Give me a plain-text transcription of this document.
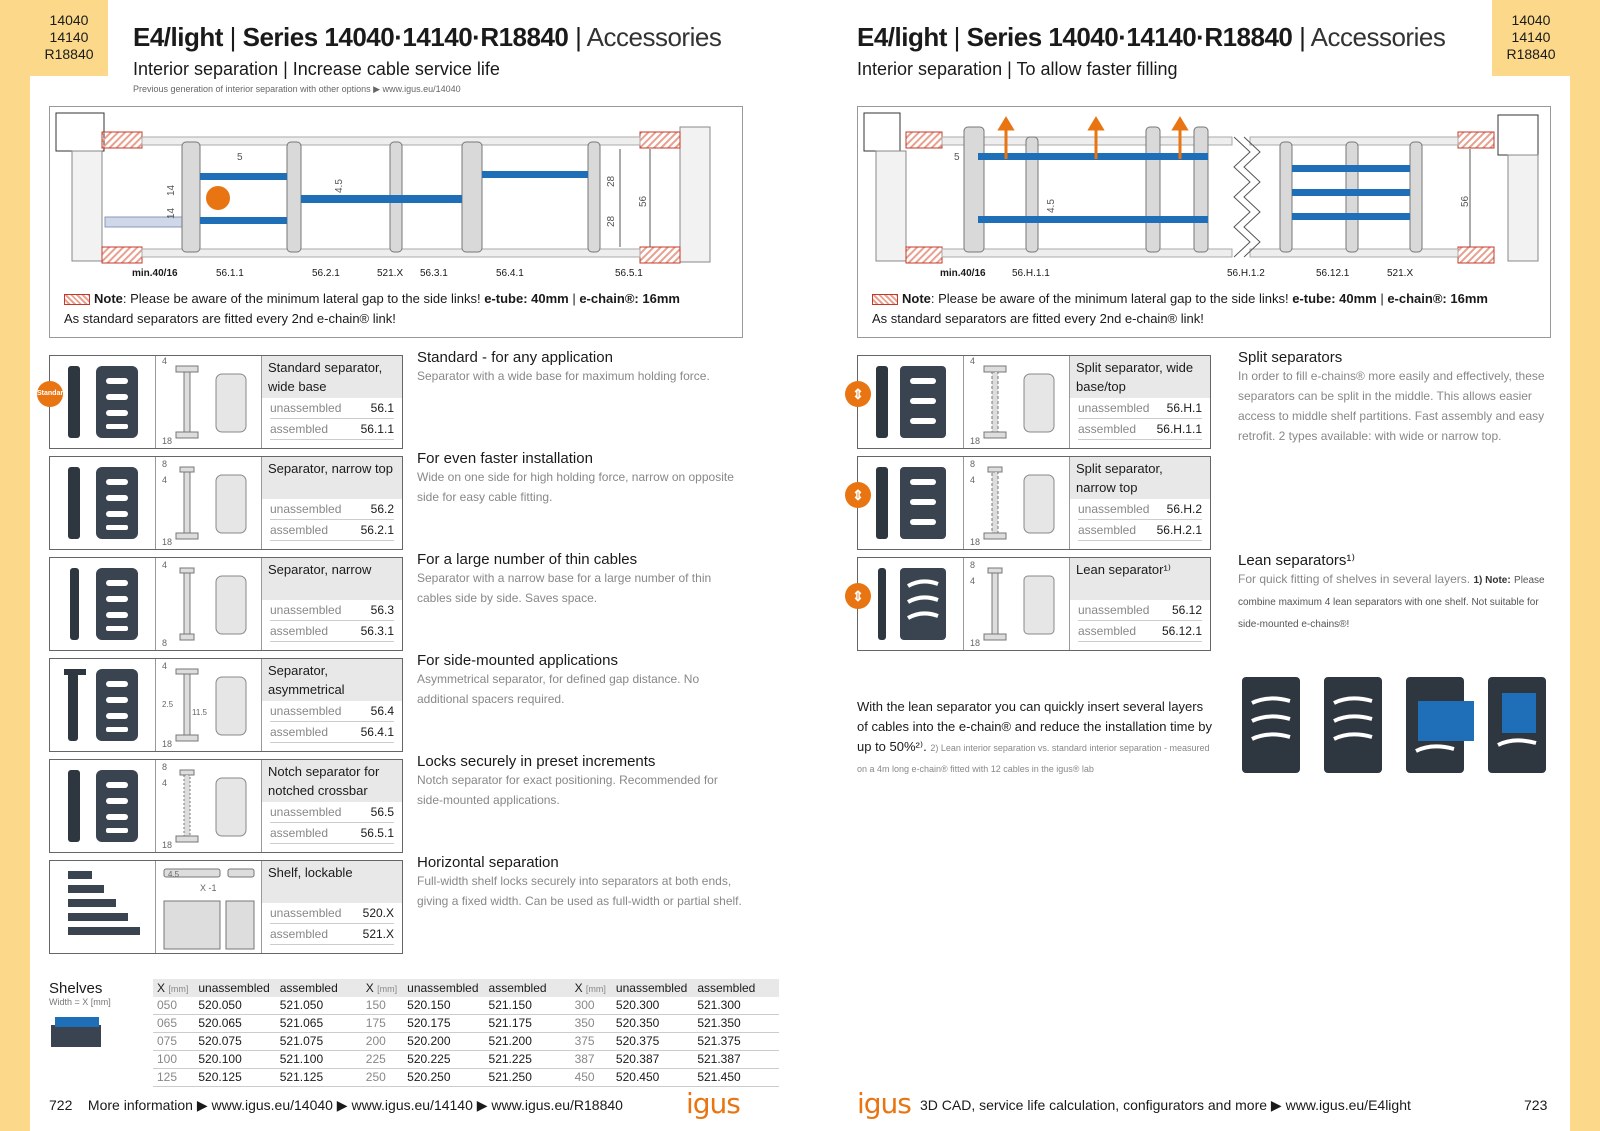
14040
14140
R18840
14040
14140
R18840
E4/light | Series 14040·14140·R18840 | Accessories
Interior separation | Increase cable service life
Previous generation of interior separation with other options ▶ www.igus.eu/14040
5
14
14
4.5	28
28
56
min.40/16	56.1.1	56.2.1	521.X 56.3.1	56.4.1	56.5.1
Note: Please be aware of the minimum lateral gap to the side links! e-tube: 40mm | e-chain®: 16mm
As standard separators are fitted every 2nd e-chain® link!
4
18
Standard separator, wide base
unassembled 56.1
assembled	56.1.1
Standard - for any application
Separator with a wide base for maximum holding force.
Standard
8
4
18
Separator, narrow top
unassembled 56.2
assembled	56.2.1
For even faster installation
Wide on one side for high holding force, narrow on opposite side for easy cable fitting.
4
8
Separator, narrow
unassembled 56.3
assembled	56.3.1
For a large number of thin cables
Separator with a narrow base for a large number of thin cables side by side. Saves space.
4
2.5
11.5
18
Separator, asymmetrical
unassembled 56.4
assembled	56.4.1
For side-mounted applications
Asymmetrical separator, for defined gap distance. No additional spacers required.
8
4
18
Notch separator for notched crossbar
unassembled 56.5
assembled	56.5.1
Locks securely in preset increments
Notch separator for exact positioning. Recommended for side-mounted applications.
4.5
X -1
Shelf, lockable
unassembled 520.X
assembled	521.X
Horizontal separation
Full-width shelf locks securely into separators at both ends, giving a fixed width. Can be used as full-width or partial shelf.
Shelves
Width = X [mm]
X [mm]	unassembled	assembled	X [mm]	unassembled	assembled	X [mm]	unassembled	assembled
050	520.050	521.050	150	520.150	521.150	300	520.300	521.300
065	520.065	521.065	175	520.175	521.175	350	520.350	521.350
075	520.075	521.075	200	520.200	521.200	375	520.375	521.375
100	520.100	521.100	225	520.225	521.225	387	520.387	521.387
125	520.125	521.125	250	520.250	521.250	450	520.450	521.450
722 More information ▶ www.igus.eu/14040 ▶ www.igus.eu/14140 ▶ www.igus.eu/R18840 igus
E4/light | Series 14040·14140·R18840 | Accessories
Interior separation | To allow faster filling
5
4.5	56
min.40/16	56.H.1.1	56.H.1.2	56.12.1	521.X
Note: Please be aware of the minimum lateral gap to the side links! e-tube: 40mm | e-chain®: 16mm
As standard separators are fitted every 2nd e-chain® link!
4
18
Split separator, wide base/top
unassembled 56.H.1
assembled 56.H.1.1
⇕
8
4
18
Split separator, narrow top
unassembled 56.H.2
assembled 56.H.2.1
⇕
8
4
18
Lean separator¹⁾
unassembled 56.12
assembled 56.12.1
⇕
Split separators
In order to fill e-chains® more easily and effectively, these separators can be split in the middle. This allows easier access to middle shelf partitions. Fast assembly and easy retrofit. 2 types available: with wide or narrow top.
Lean separators¹⁾
For quick fitting of shelves in several layers. 1) Note: Please combine maximum 4 lean separators with one shelf. Not suitable for side-mounted e-chains®!
With the lean separator you can quickly insert several layers of cables into the e-chain® and reduce the installation time by up to 50%²⁾. 2) Lean interior separation vs. standard interior separation - measured on a 4m long e-chain® fitted with 12 cables in the igus® lab
igus 3D CAD, service life calculation, configurators and more ▶ www.igus.eu/E4light	723
